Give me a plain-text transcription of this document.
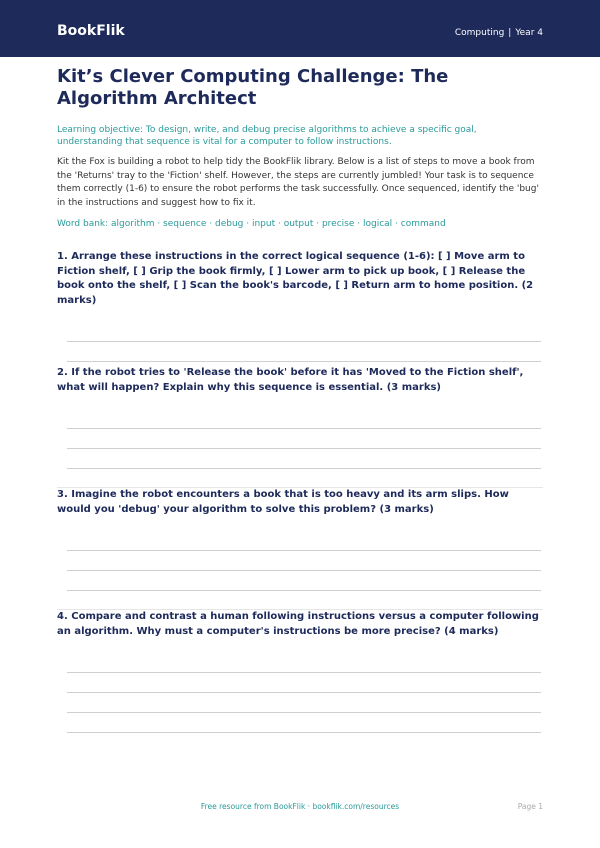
BookFlik	Computing | Year 4
Kit’s Clever Computing Challenge: The Algorithm Architect

Learning objective: To design, write, and debug precise algorithms to achieve a specific goal, understanding that sequence is vital for a computer to follow instructions.

Kit the Fox is building a robot to help tidy the BookFlik library. Below is a list of steps to move a book from the 'Returns' tray to the 'Fiction' shelf. However, the steps are currently jumbled! Your task is to sequence them correctly (1-6) to ensure the robot performs the task successfully. Once sequenced, identify the 'bug' in the instructions and suggest how to fix it.

Word bank: algorithm · sequence · debug · input · output · precise · logical · command

1. Arrange these instructions in the correct logical sequence (1-6): [ ] Move arm to Fiction shelf, [ ] Grip the book firmly, [ ] Lower arm to pick up book, [ ] Release the book onto the shelf, [ ] Scan the book's barcode, [ ] Return arm to home position. (2 marks)
2. If the robot tries to 'Release the book' before it has 'Moved to the Fiction shelf', what will happen? Explain why this sequence is essential. (3 marks)
3. Imagine the robot encounters a book that is too heavy and its arm slips. How would you 'debug' your algorithm to solve this problem? (3 marks)
4. Compare and contrast a human following instructions versus a computer following an algorithm. Why must a computer's instructions be more precise? (4 marks)
Free resource from BookFlik · bookflik.com/resources	Page 1
